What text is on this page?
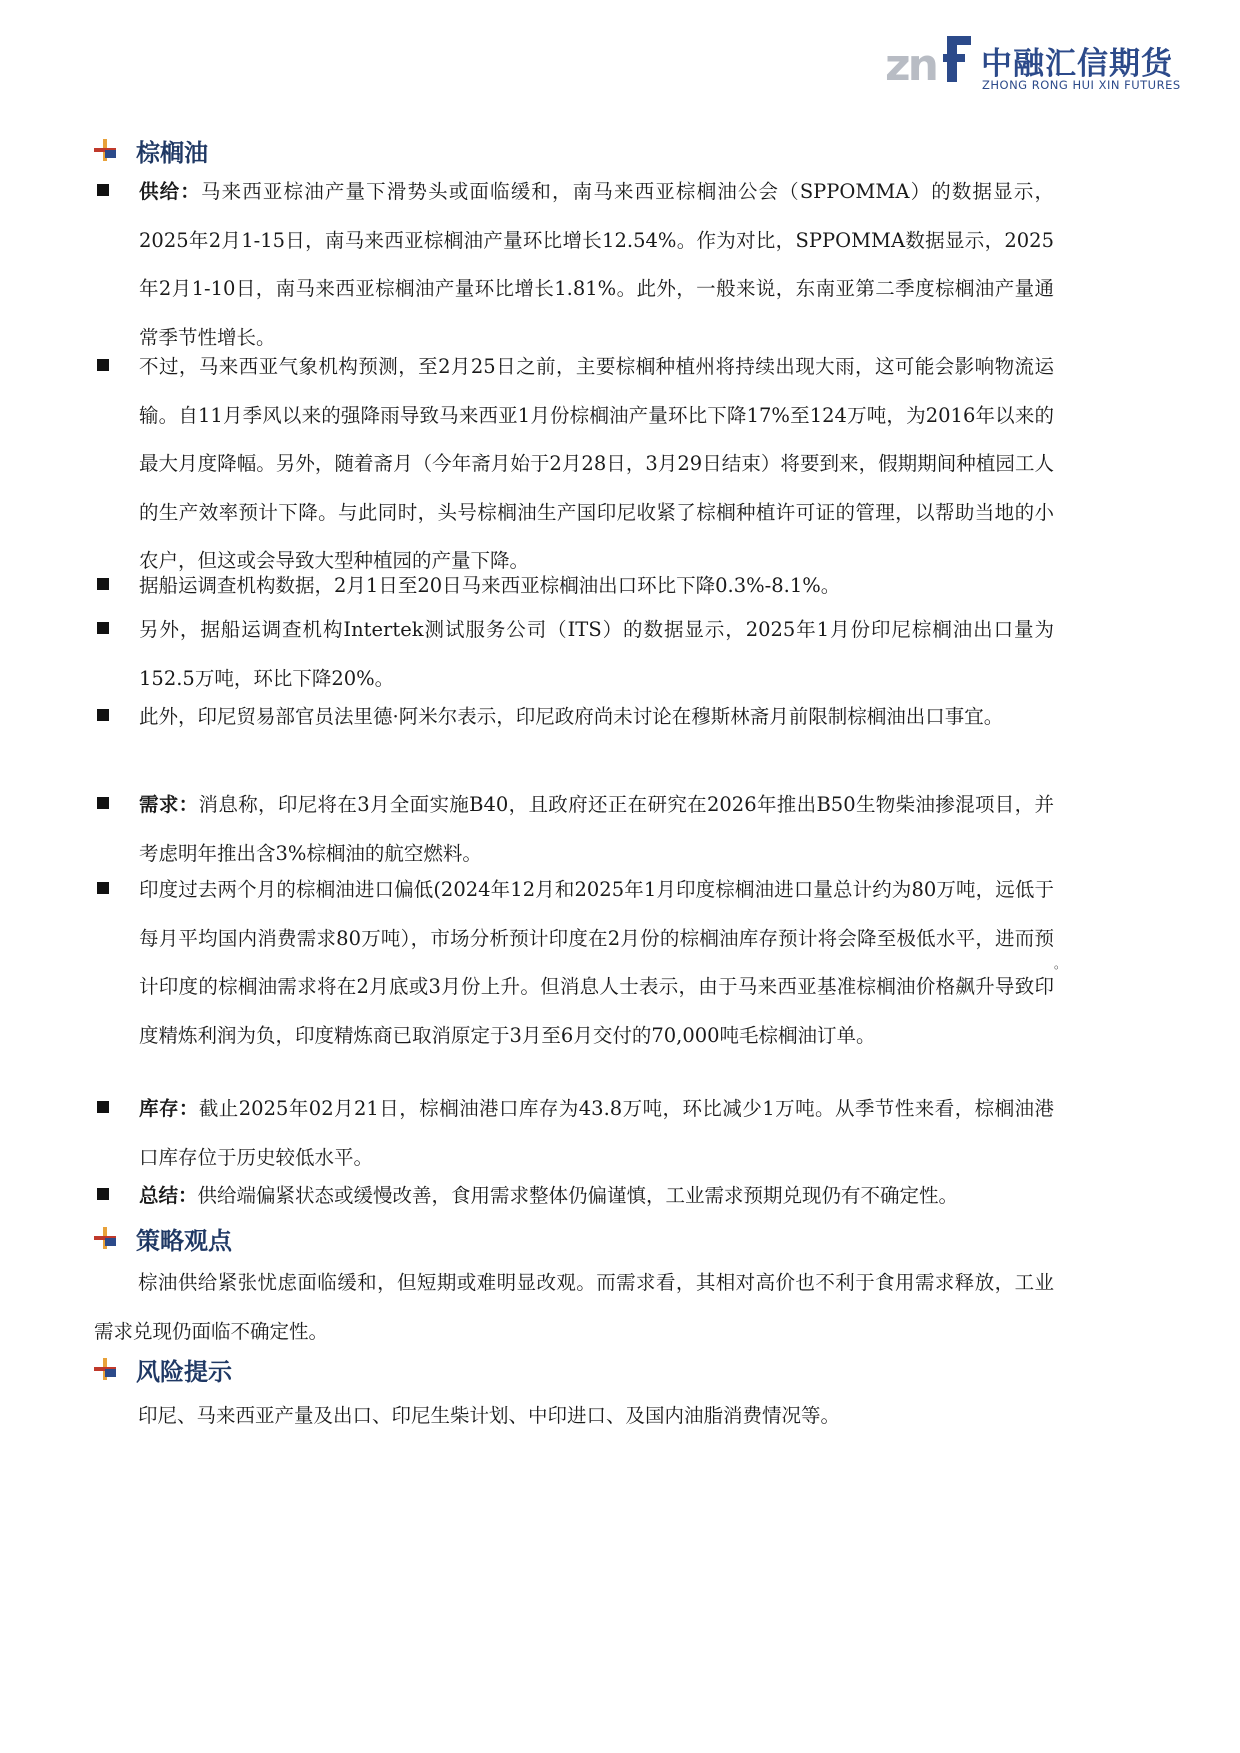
zn 中融汇信期货
ZHONG RONG HUI XIN FUTURES
棕榈油
供给：马来西亚棕油产量下滑势头或面临缓和，南马来西亚棕榈油公会（SPPOMMA）的数据显示，2025年2月1-15日，南马来西亚棕榈油产量环比增长12.54%。作为对比，SPPOMMA数据显示，2025年2月1-10日，南马来西亚棕榈油产量环比增长1.81%。此外，一般来说，东南亚第二季度棕榈油产量通常季节性增长。
不过，马来西亚气象机构预测，至2月25日之前，主要棕榈种植州将持续出现大雨，这可能会影响物流运输。自11月季风以来的强降雨导致马来西亚1月份棕榈油产量环比下降17%至124万吨，为2016年以来的最大月度降幅。另外，随着斋月（今年斋月始于2月28日，3月29日结束）将要到来，假期期间种植园工人的生产效率预计下降。与此同时，头号棕榈油生产国印尼收紧了棕榈种植许可证的管理，以帮助当地的小农户，但这或会导致大型种植园的产量下降。
据船运调查机构数据，2月1日至20日马来西亚棕榈油出口环比下降0.3%-8.1%。
另外，据船运调查机构Intertek测试服务公司（ITS）的数据显示，2025年1月份印尼棕榈油出口量为152.5万吨，环比下降20%。
此外，印尼贸易部官员法里德·阿米尔表示，印尼政府尚未讨论在穆斯林斋月前限制棕榈油出口事宜。
需求：消息称，印尼将在3月全面实施B40，且政府还正在研究在2026年推出B50生物柴油掺混项目，并考虑明年推出含3%棕榈油的航空燃料。
印度过去两个月的棕榈油进口偏低(2024年12月和2025年1月印度棕榈油进口量总计约为80万吨，远低于每月平均国内消费需求80万吨），市场分析预计印度在2月份的棕榈油库存预计将会降至极低水平，进而预计印度的棕榈油需求将在2月底或3月份上升。但消息人士表示，由于马来西亚基准棕榈油价格飙升导致印度精炼利润为负，印度精炼商已取消原定于3月至6月交付的70,000吨毛棕榈油订单。
库存：截止2025年02月21日，棕榈油港口库存为43.8万吨，环比减少1万吨。从季节性来看，棕榈油港口库存位于历史较低水平。
总结：供给端偏紧状态或缓慢改善，食用需求整体仍偏谨慎，工业需求预期兑现仍有不确定性。
。
策略观点
棕油供给紧张忧虑面临缓和，但短期或难明显改观。而需求看，其相对高价也不利于食用需求释放，工业需求兑现仍面临不确定性。
风险提示
印尼、马来西亚产量及出口、印尼生柴计划、中印进口、及国内油脂消费情况等。
